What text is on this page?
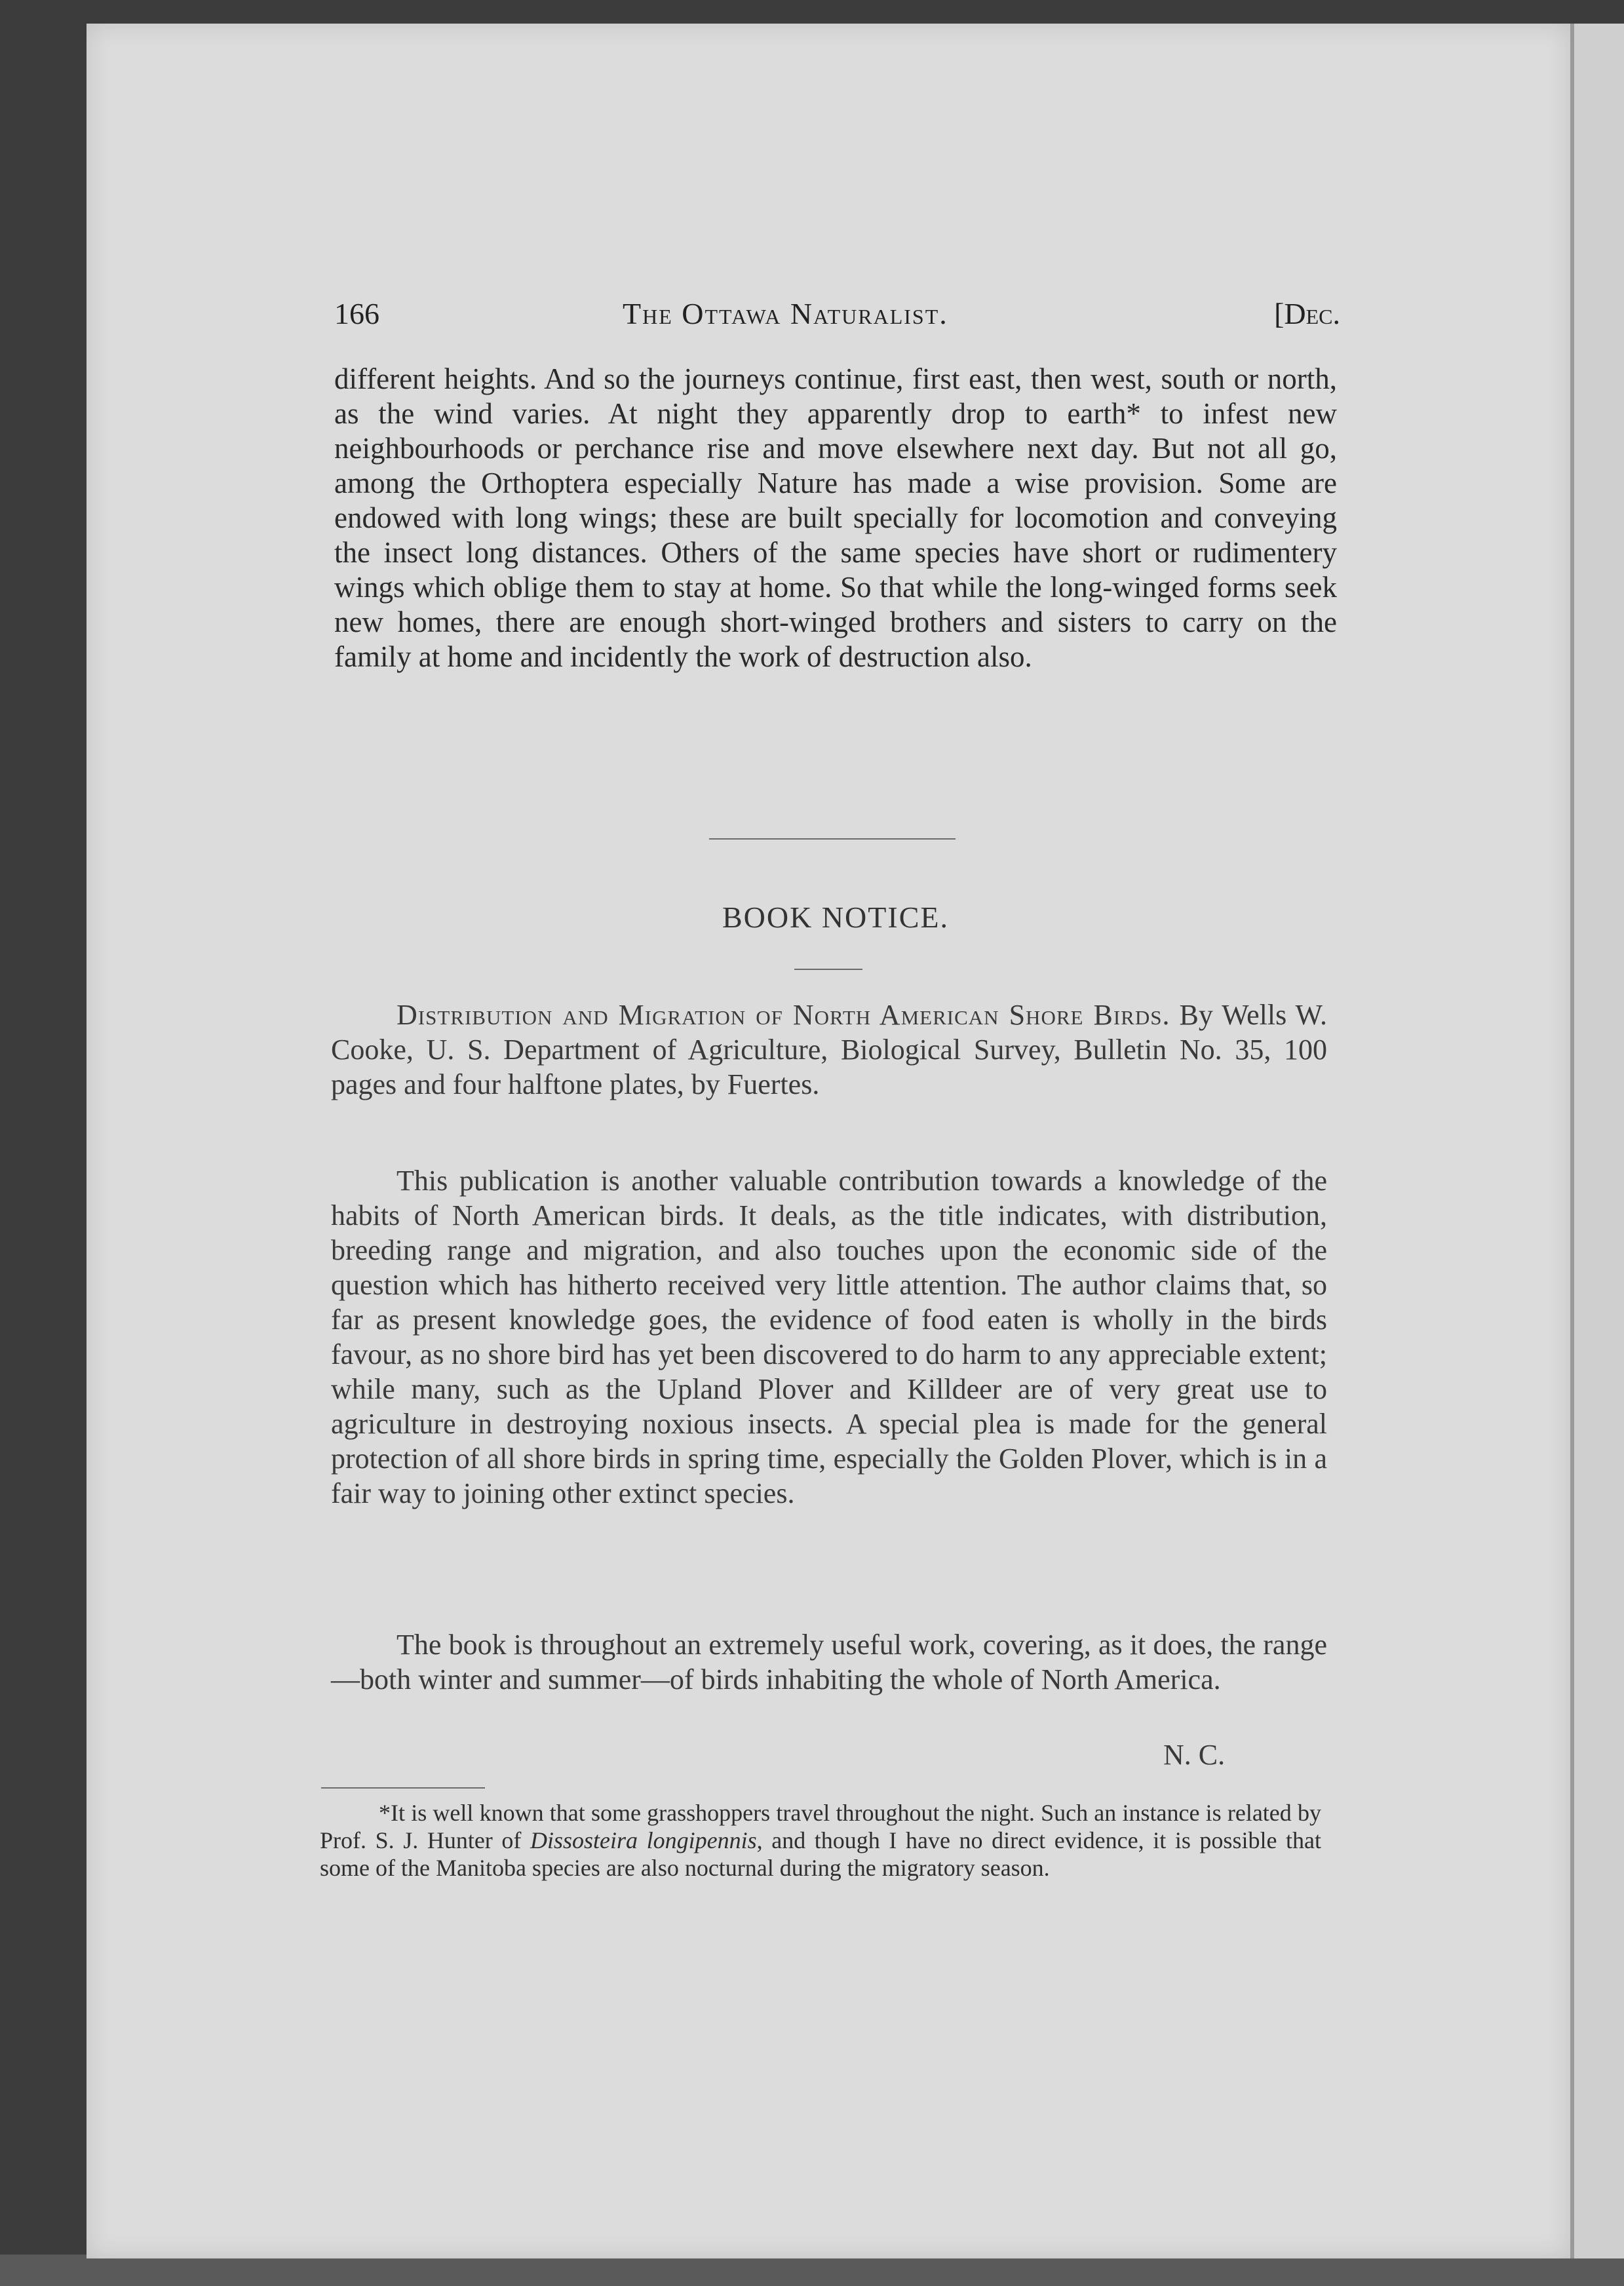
166	The Ottawa Naturalist.	[Dec.
different heights. And so the journeys continue, first east, then west, south or north, as the wind varies. At night they apparently drop to earth* to infest new neighbourhoods or perchance rise and move elsewhere next day. But not all go, among the Orthoptera especially Nature has made a wise provision. Some are endowed with long wings; these are built specially for locomotion and conveying the insect long distances. Others of the same species have short or rudimentery wings which oblige them to stay at home. So that while the long-winged forms seek new homes, there are enough short-winged brothers and sisters to carry on the family at home and incidently the work of destruction also.
BOOK NOTICE.
Distribution and Migration of North American Shore Birds. By Wells W. Cooke, U. S. Department of Agriculture, Biological Survey, Bulletin No. 35, 100 pages and four halftone plates, by Fuertes.
This publication is another valuable contribution towards a knowledge of the habits of North American birds. It deals, as the title indicates, with distribution, breeding range and migration, and also touches upon the economic side of the question which has hitherto received very little attention. The author claims that, so far as present knowledge goes, the evidence of food eaten is wholly in the birds favour, as no shore bird has yet been discovered to do harm to any appreciable extent; while many, such as the Upland Plover and Killdeer are of very great use to agriculture in destroying noxious insects. A special plea is made for the general protection of all shore birds in spring time, especially the Golden Plover, which is in a fair way to joining other extinct species.
The book is throughout an extremely useful work, covering, as it does, the range—both winter and summer—of birds inhabiting the whole of North America.
N. C.
*It is well known that some grasshoppers travel throughout the night. Such an instance is related by Prof. S. J. Hunter of Dissosteira longipennis, and though I have no direct evidence, it is possible that some of the Manitoba species are also nocturnal during the migratory season.
